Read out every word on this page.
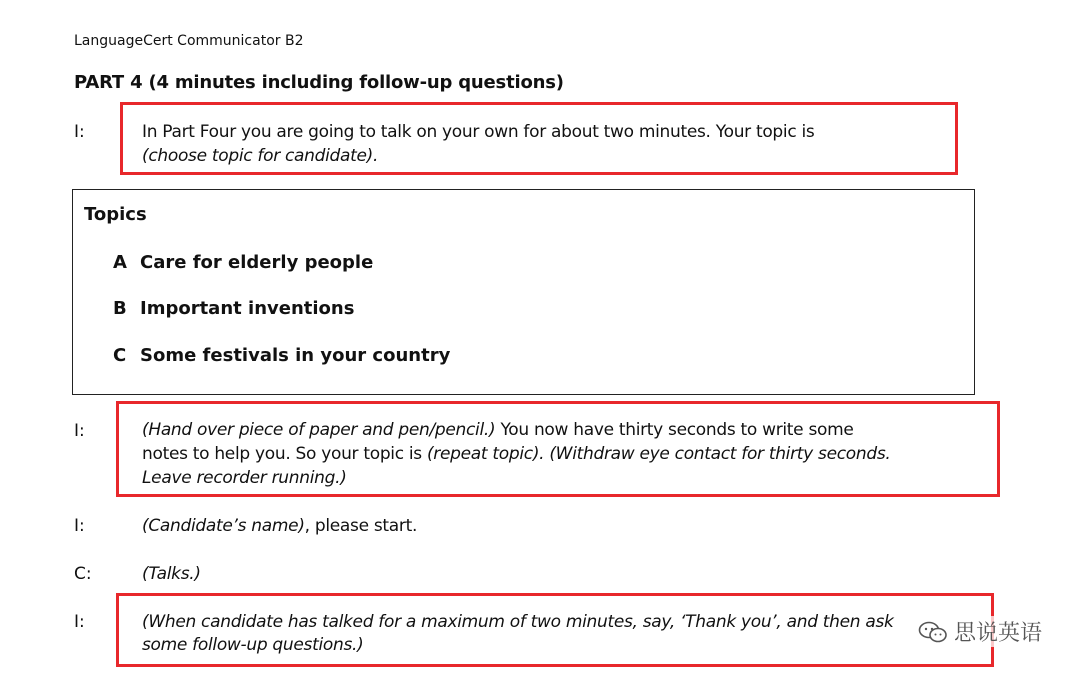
LanguageCert Communicator B2
PART 4 (4 minutes including follow-up questions)
I:	In Part Four you are going to talk on your own for about two minutes. Your topic is
(choose topic for candidate).
Topics
A Care for elderly people
B Important inventions
C Some festivals in your country
I:	(Hand over piece of paper and pen/pencil.) You now have thirty seconds to write some
notes to help you. So your topic is (repeat topic). (Withdraw eye contact for thirty seconds.
Leave recorder running.)
I:	(Candidate’s name), please start.
C:	(Talks.)
I:	(When candidate has talked for a maximum of two minutes, say, ‘Thank you’, and then ask
some follow-up questions.)	思说英语
